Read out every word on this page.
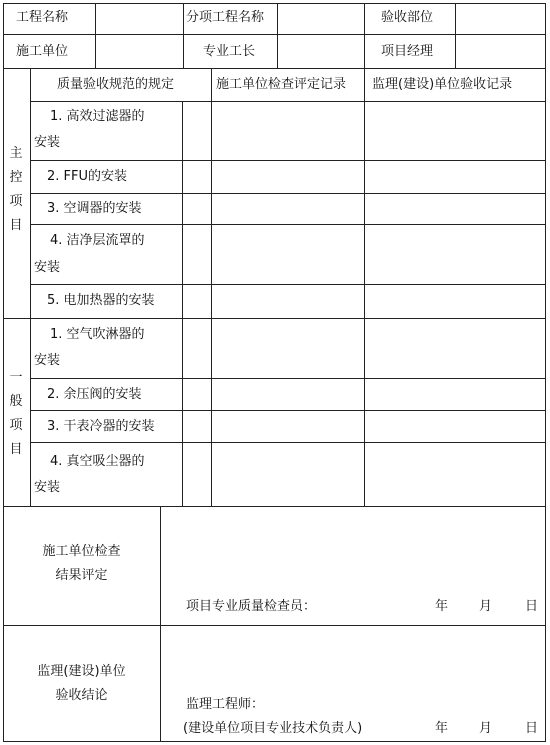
工程名称	分项工程名称	验收部位
施工单位	专业工长	项目经理
质量验收规范的规定	施工单位检查评定记录 监理(建设)单位验收记录
主控项目
1. 高效过滤器的
安装
2. FFU的安装
3. 空调器的安装
4. 洁净层流罩的
安装
5. 电加热器的安装
一般项目
1. 空气吹淋器的
安装
2. 余压阀的安装
3. 干表冷器的安装
4. 真空吸尘器的
安装
施工单位检查
结果评定
项目专业质量检查员：	年 月	日
监理(建设)单位
验收结论
监理工程师：
(建设单位项目专业技术负责人)	年 月	日
